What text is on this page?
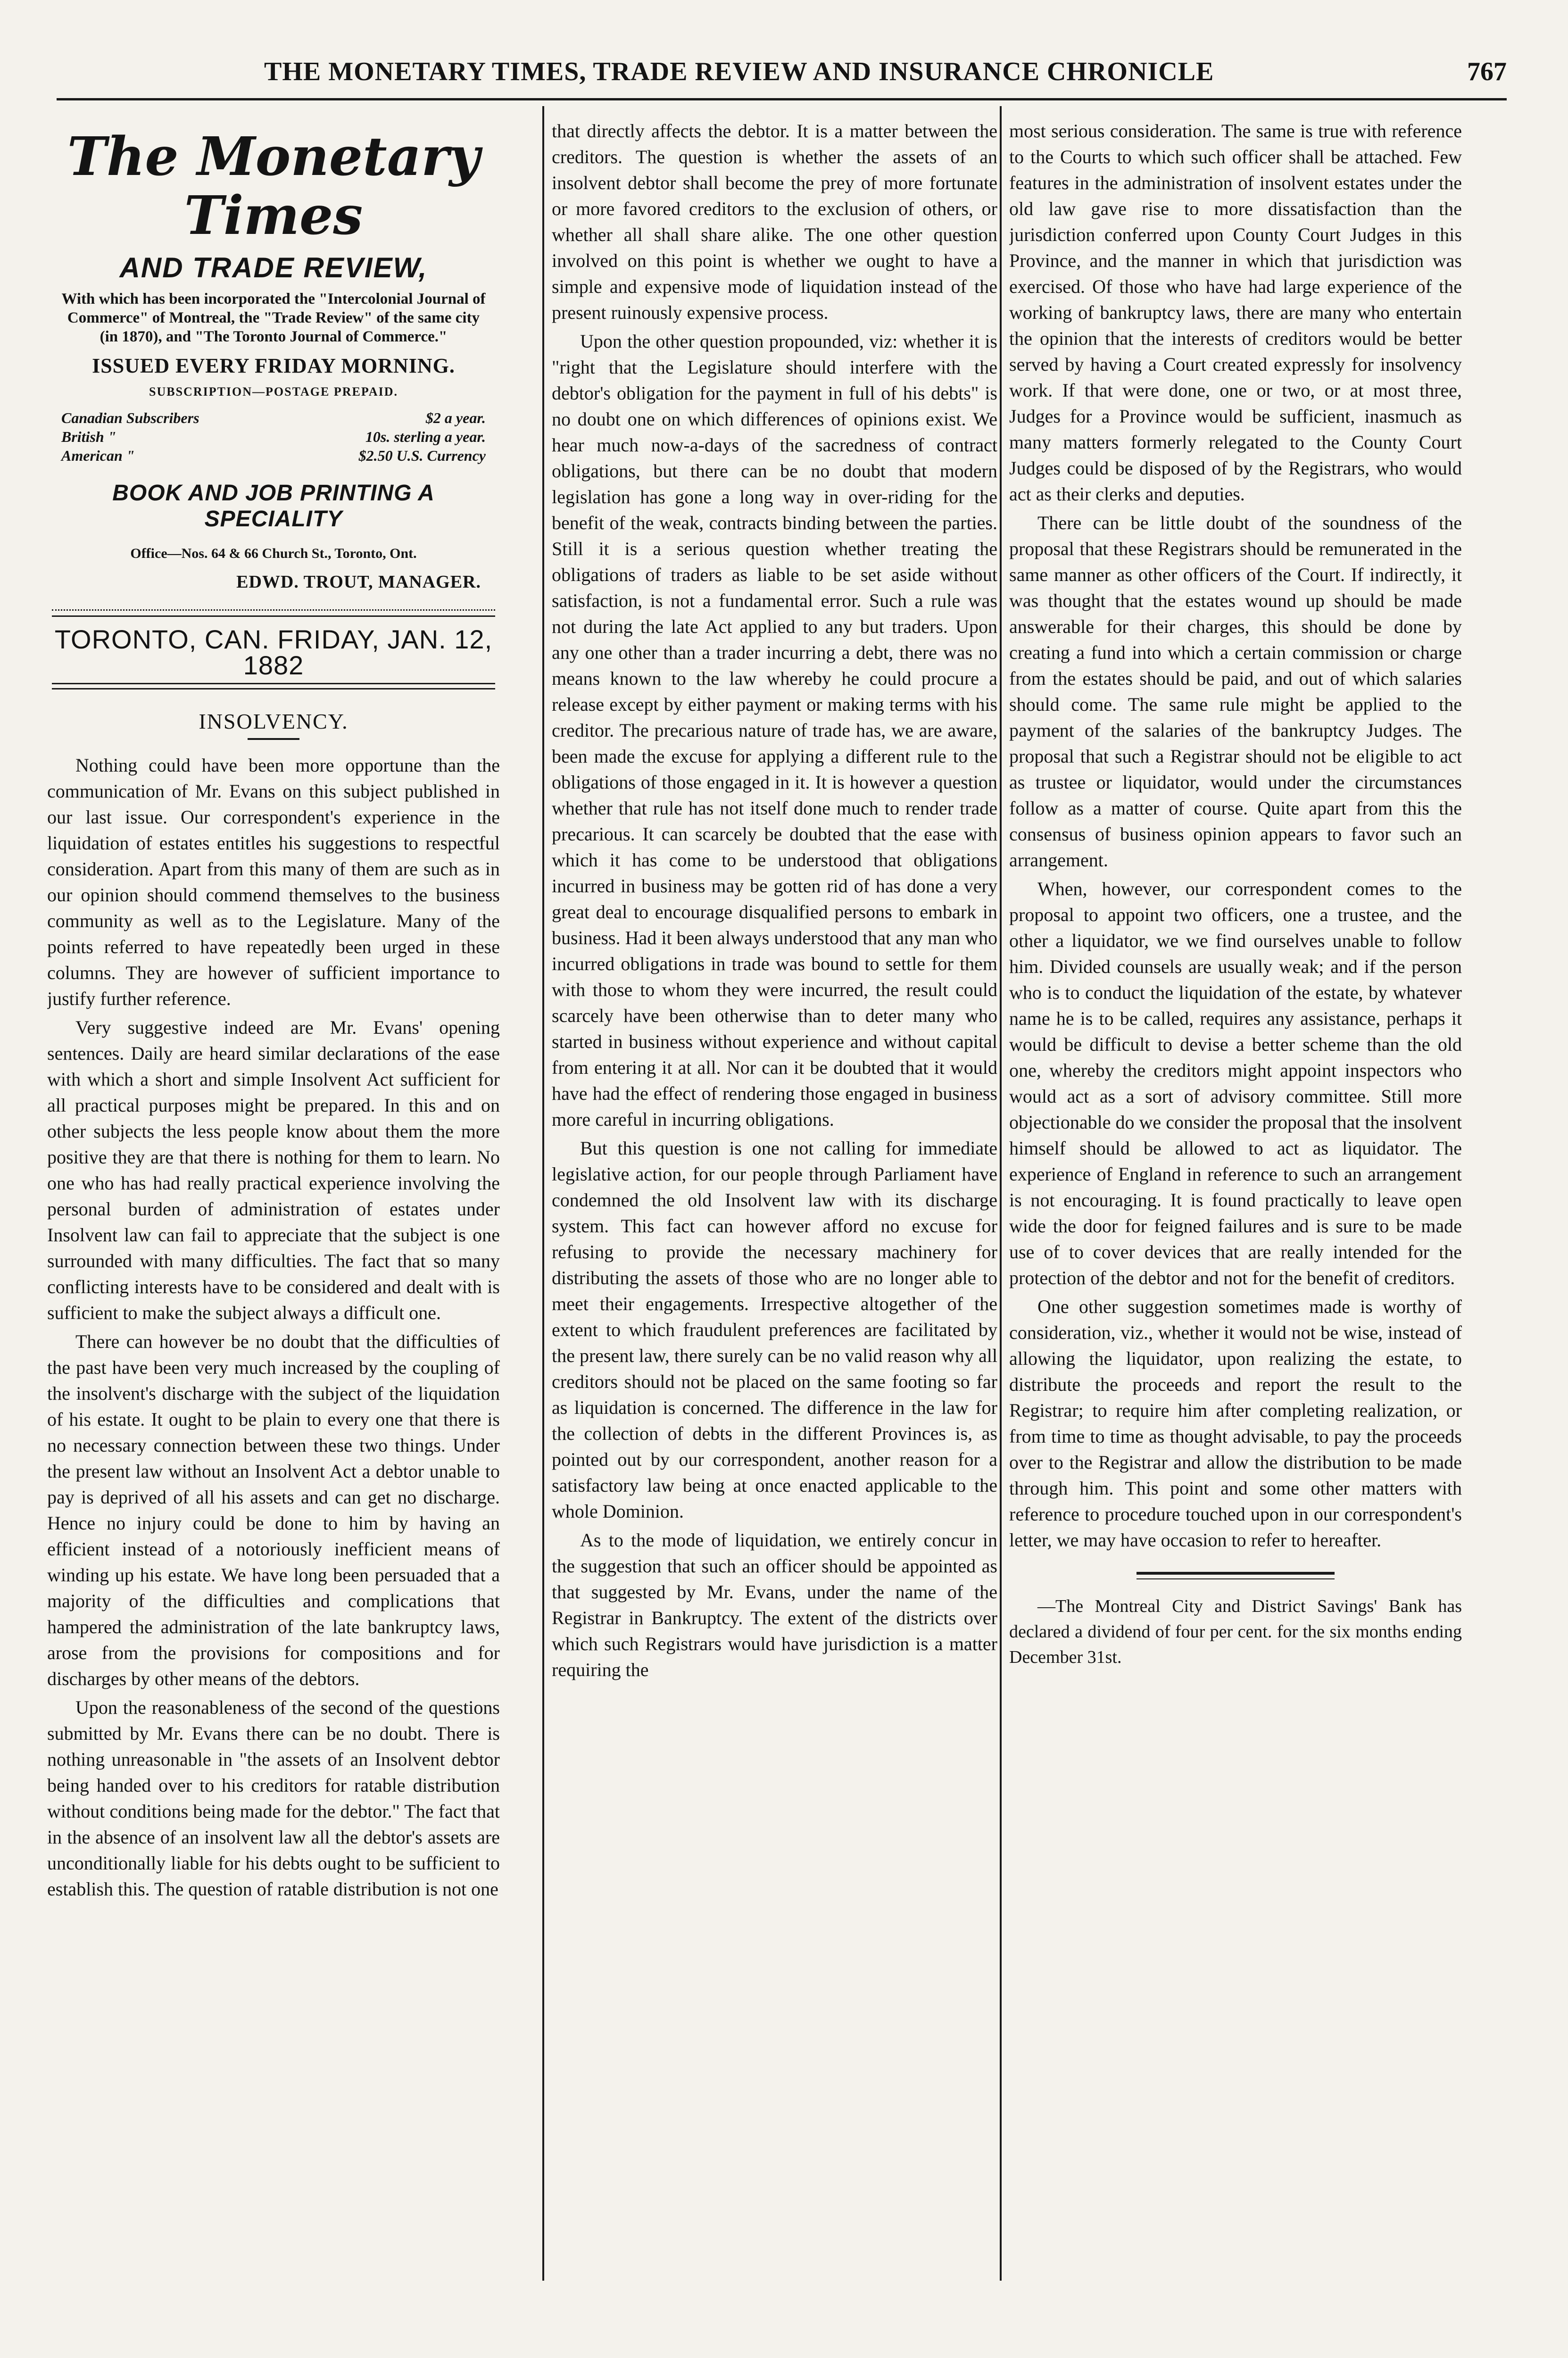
THE MONETARY TIMES, TRADE REVIEW AND INSURANCE CHRONICLE	767
The Monetary Times
AND TRADE REVIEW,
With which has been incorporated the "Intercolonial Journal of Commerce" of Montreal, the "Trade Review" of the same city (in 1870), and "The Toronto Journal of Commerce."
ISSUED EVERY FRIDAY MORNING.
SUBSCRIPTION—POSTAGE PREPAID.
Canadian Subscribers	$2 a year.
British "	10s. sterling a year.
American "	$2.50 U.S. Currency
BOOK AND JOB PRINTING A SPECIALITY
Office—Nos. 64 & 66 Church St., Toronto, Ont.
EDWD. TROUT, MANAGER.
TORONTO, CAN. FRIDAY, JAN. 12, 1882
INSOLVENCY.

Nothing could have been more opportune than the communication of Mr. Evans on this subject published in our last issue. Our correspondent's experience in the liquidation of estates entitles his suggestions to respectful consideration. Apart from this many of them are such as in our opinion should commend themselves to the business community as well as to the Legislature. Many of the points referred to have repeatedly been urged in these columns. They are however of sufficient importance to justify further reference.

Very suggestive indeed are Mr. Evans' opening sentences. Daily are heard similar declarations of the ease with which a short and simple Insolvent Act sufficient for all practical purposes might be prepared. In this and on other subjects the less people know about them the more positive they are that there is nothing for them to learn. No one who has had really practical experience involving the personal burden of administration of estates under Insolvent law can fail to appreciate that the subject is one surrounded with many difficulties. The fact that so many conflicting interests have to be considered and dealt with is sufficient to make the subject always a difficult one.

There can however be no doubt that the difficulties of the past have been very much increased by the coupling of the insolvent's discharge with the subject of the liquidation of his estate. It ought to be plain to every one that there is no necessary connection between these two things. Under the present law without an Insolvent Act a debtor unable to pay is deprived of all his assets and can get no discharge. Hence no injury could be done to him by having an efficient instead of a notoriously inefficient means of winding up his estate. We have long been persuaded that a majority of the difficulties and complications that hampered the administration of the late bankruptcy laws, arose from the provisions for compositions and for discharges by other means of the debtors.

Upon the reasonableness of the second of the questions submitted by Mr. Evans there can be no doubt. There is nothing unreasonable in "the assets of an Insolvent debtor being handed over to his creditors for ratable distribution without conditions being made for the debtor." The fact that in the absence of an insolvent law all the debtor's assets are unconditionally liable for his debts ought to be sufficient to establish this. The question of ratable distribution is not one

that directly affects the debtor. It is a matter between the creditors. The question is whether the assets of an insolvent debtor shall become the prey of more fortunate or more favored creditors to the exclusion of others, or whether all shall share alike. The one other question involved on this point is whether we ought to have a simple and expensive mode of liquidation instead of the present ruinously expensive process.

Upon the other question propounded, viz: whether it is "right that the Legislature should interfere with the debtor's obligation for the payment in full of his debts" is no doubt one on which differences of opinions exist. We hear much now-a-days of the sacredness of contract obligations, but there can be no doubt that modern legislation has gone a long way in over-riding for the benefit of the weak, contracts binding between the parties. Still it is a serious question whether treating the obligations of traders as liable to be set aside without satisfaction, is not a fundamental error. Such a rule was not during the late Act applied to any but traders. Upon any one other than a trader incurring a debt, there was no means known to the law whereby he could procure a release except by either payment or making terms with his creditor. The precarious nature of trade has, we are aware, been made the excuse for applying a different rule to the obligations of those engaged in it. It is however a question whether that rule has not itself done much to render trade precarious. It can scarcely be doubted that the ease with which it has come to be understood that obligations incurred in business may be gotten rid of has done a very great deal to encourage disqualified persons to embark in business. Had it been always understood that any man who incurred obligations in trade was bound to settle for them with those to whom they were incurred, the result could scarcely have been otherwise than to deter many who started in business without experience and without capital from entering it at all. Nor can it be doubted that it would have had the effect of rendering those engaged in business more careful in incurring obligations.

But this question is one not calling for immediate legislative action, for our people through Parliament have condemned the old Insolvent law with its discharge system. This fact can however afford no excuse for refusing to provide the necessary machinery for distributing the assets of those who are no longer able to meet their engagements. Irrespective altogether of the extent to which fraudulent preferences are facilitated by the present law, there surely can be no valid reason why all creditors should not be placed on the same footing so far as liquidation is concerned. The difference in the law for the collection of debts in the different Provinces is, as pointed out by our correspondent, another reason for a satisfactory law being at once enacted applicable to the whole Dominion.

As to the mode of liquidation, we entirely concur in the suggestion that such an officer should be appointed as that suggested by Mr. Evans, under the name of the Registrar in Bankruptcy. The extent of the districts over which such Registrars would have jurisdiction is a matter requiring the

most serious consideration. The same is true with reference to the Courts to which such officer shall be attached. Few features in the administration of insolvent estates under the old law gave rise to more dissatisfaction than the jurisdiction conferred upon County Court Judges in this Province, and the manner in which that jurisdiction was exercised. Of those who have had large experience of the working of bankruptcy laws, there are many who entertain the opinion that the interests of creditors would be better served by having a Court created expressly for insolvency work. If that were done, one or two, or at most three, Judges for a Province would be sufficient, inasmuch as many matters formerly relegated to the County Court Judges could be disposed of by the Registrars, who would act as their clerks and deputies.

There can be little doubt of the soundness of the proposal that these Registrars should be remunerated in the same manner as other officers of the Court. If indirectly, it was thought that the estates wound up should be made answerable for their charges, this should be done by creating a fund into which a certain commission or charge from the estates should be paid, and out of which salaries should come. The same rule might be applied to the payment of the salaries of the bankruptcy Judges. The proposal that such a Registrar should not be eligible to act as trustee or liquidator, would under the circumstances follow as a matter of course. Quite apart from this the consensus of business opinion appears to favor such an arrangement.

When, however, our correspondent comes to the proposal to appoint two officers, one a trustee, and the other a liquidator, we we find ourselves unable to follow him. Divided counsels are usually weak; and if the person who is to conduct the liquidation of the estate, by whatever name he is to be called, requires any assistance, perhaps it would be difficult to devise a better scheme than the old one, whereby the creditors might appoint inspectors who would act as a sort of advisory committee. Still more objectionable do we consider the proposal that the insolvent himself should be allowed to act as liquidator. The experience of England in reference to such an arrangement is not encouraging. It is found practically to leave open wide the door for feigned failures and is sure to be made use of to cover devices that are really intended for the protection of the debtor and not for the benefit of creditors.

One other suggestion sometimes made is worthy of consideration, viz., whether it would not be wise, instead of allowing the liquidator, upon realizing the estate, to distribute the proceeds and report the result to the Registrar; to require him after completing realization, or from time to time as thought advisable, to pay the proceeds over to the Registrar and allow the distribution to be made through him. This point and some other matters with reference to procedure touched upon in our correspondent's letter, we may have occasion to refer to hereafter.

—The Montreal City and District Savings' Bank has declared a dividend of four per cent. for the six months ending December 31st.
